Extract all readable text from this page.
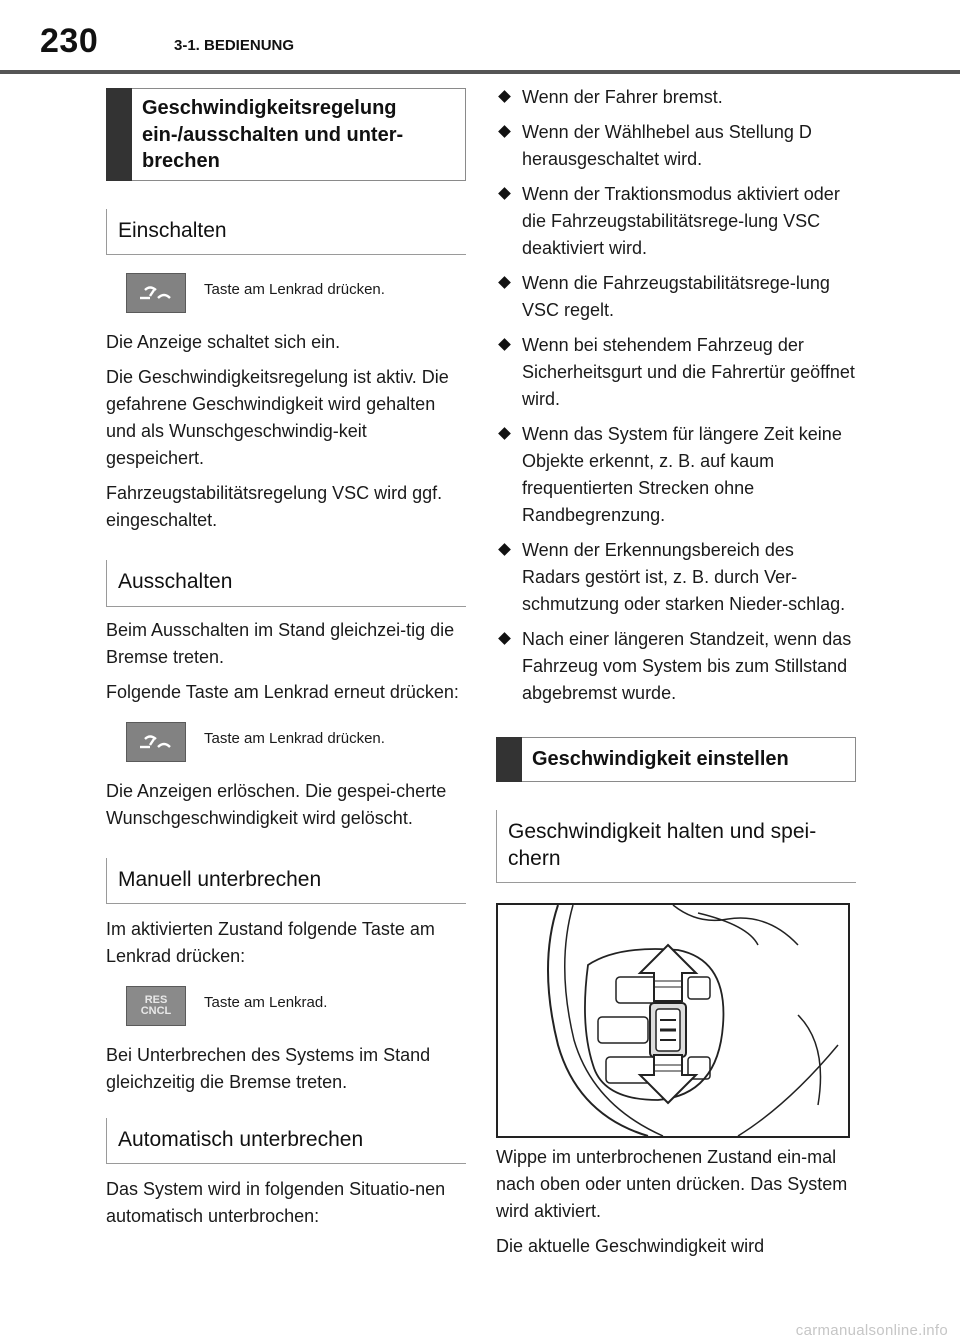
230	3-1. BEDIENUNG
Geschwindigkeitsregelung ein-/ausschalten und unter-brechen
Einschalten
Taste am Lenkrad drücken.

Die Anzeige schaltet sich ein.

Die Geschwindigkeitsregelung ist aktiv. Die gefahrene Geschwindigkeit wird gehalten und als Wunschgeschwindig-keit gespeichert.

Fahrzeugstabilitätsregelung VSC wird ggf. eingeschaltet.

Ausschalten

Beim Ausschalten im Stand gleichzei-tig die Bremse treten.

Folgende Taste am Lenkrad erneut drücken:

Taste am Lenkrad drücken.

Die Anzeigen erlöschen. Die gespei-cherte Wunschgeschwindigkeit wird gelöscht.

Manuell unterbrechen

Im aktivierten Zustand folgende Taste am Lenkrad drücken:

RES
CNCL Taste am Lenkrad.

Bei Unterbrechen des Systems im Stand gleichzeitig die Bremse treten.

Automatisch unterbrechen

Das System wird in folgenden Situatio-nen automatisch unterbrochen:

Wenn der Fahrer bremst.
Wenn der Wählhebel aus Stellung D herausgeschaltet wird.
Wenn der Traktionsmodus aktiviert oder die Fahrzeugstabilitätsrege-lung VSC deaktiviert wird.
Wenn die Fahrzeugstabilitätsrege-lung VSC regelt.
Wenn bei stehendem Fahrzeug der Sicherheitsgurt und die Fahrertür geöffnet wird.
Wenn das System für längere Zeit keine Objekte erkennt, z. B. auf kaum frequentierten Strecken ohne Randbegrenzung.
Wenn der Erkennungsbereich des Radars gestört ist, z. B. durch Ver-schmutzung oder starken Nieder-schlag.
Nach einer längeren Standzeit, wenn das Fahrzeug vom System bis zum Stillstand abgebremst wurde.
Geschwindigkeit einstellen
Geschwindigkeit halten und spei-chern

Wippe im unterbrochenen Zustand ein-mal nach oben oder unten drücken. Das System wird aktiviert.

Die aktuelle Geschwindigkeit wird

carmanualsonline.info
